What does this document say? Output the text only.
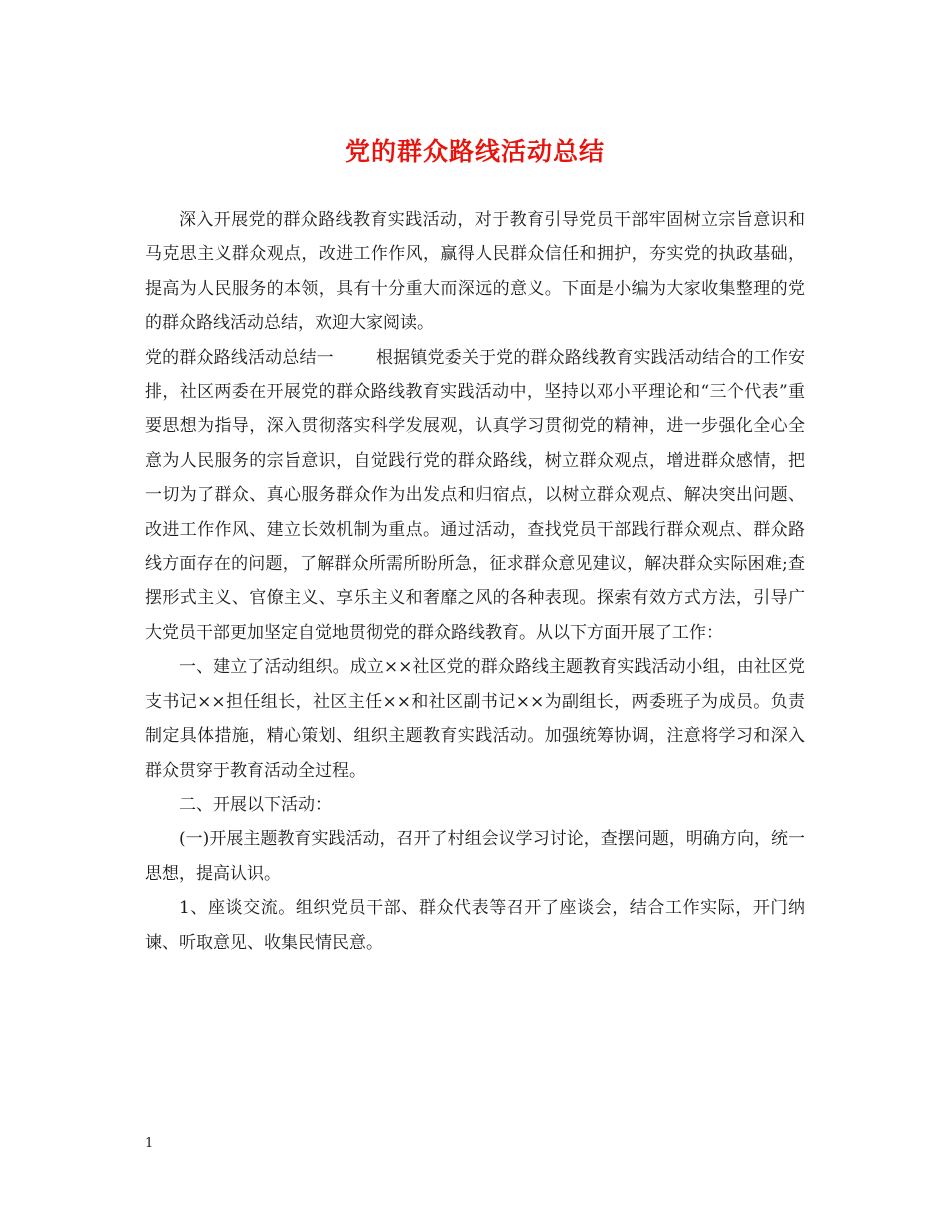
党的群众路线活动总结

深入开展党的群众路线教育实践活动，对于教育引导党员干部牢固树立宗旨意识和马克思主义群众观点，改进工作作风，赢得人民群众信任和拥护，夯实党的执政基础，提高为人民服务的本领，具有十分重大而深远的意义。下面是小编为大家收集整理的党的群众路线活动总结，欢迎大家阅读。

党的群众路线活动总结一 根据镇党委关于党的群众路线教育实践活动结合的工作安排，社区两委在开展党的群众路线教育实践活动中，坚持以邓小平理论和“三个代表”重要思想为指导，深入贯彻落实科学发展观，认真学习贯彻党的精神，进一步强化全心全意为人民服务的宗旨意识，自觉践行党的群众路线，树立群众观点，增进群众感情，把一切为了群众、真心服务群众作为出发点和归宿点，以树立群众观点、解决突出问题、改进工作作风、建立长效机制为重点。通过活动，查找党员干部践行群众观点、群众路线方面存在的问题，了解群众所需所盼所急，征求群众意见建议，解决群众实际困难;查摆形式主义、官僚主义、享乐主义和奢靡之风的各种表现。探索有效方式方法，引导广大党员干部更加坚定自觉地贯彻党的群众路线教育。从以下方面开展了工作：

一、建立了活动组织。成立××社区党的群众路线主题教育实践活动小组，由社区党支书记××担任组长，社区主任××和社区副书记××为副组长，两委班子为成员。负责制定具体措施，精心策划、组织主题教育实践活动。加强统筹协调，注意将学习和深入群众贯穿于教育活动全过程。

二、开展以下活动：

(一)开展主题教育实践活动，召开了村组会议学习讨论，查摆问题，明确方向，统一思想，提高认识。

1、座谈交流。组织党员干部、群众代表等召开了座谈会，结合工作实际，开门纳谏、听取意见、收集民情民意。

1
